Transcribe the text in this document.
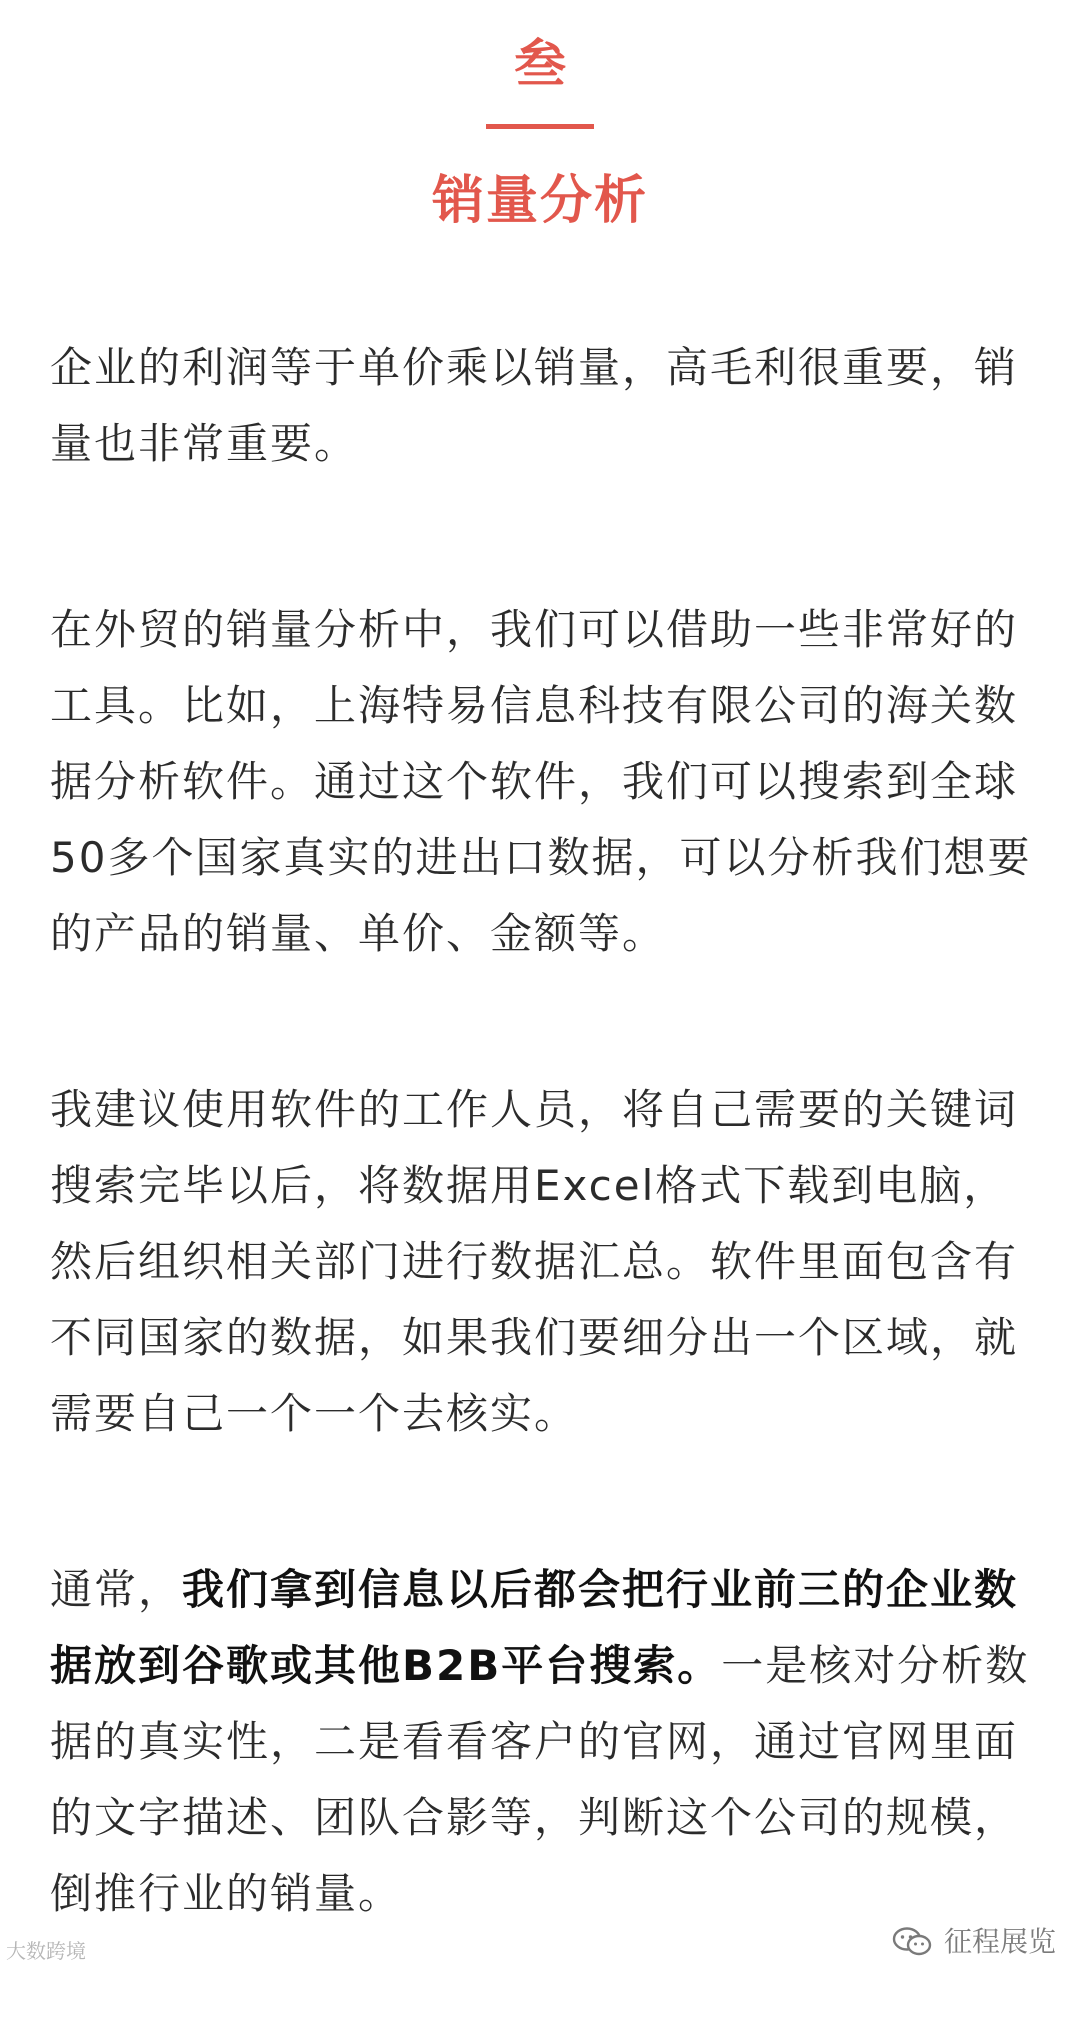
叁
销量分析

企业的利润等于单价乘以销量，高毛利很重要，销量也非常重要。

在外贸的销量分析中，我们可以借助一些非常好的工具。比如，上海特易信息科技有限公司的海关数据分析软件。通过这个软件，我们可以搜索到全球50多个国家真实的进出口数据，可以分析我们想要的产品的销量、单价、金额等。

我建议使用软件的工作人员，将自己需要的关键词搜索完毕以后，将数据用Excel格式下载到电脑，然后组织相关部门进行数据汇总。软件里面包含有不同国家的数据，如果我们要细分出一个区域，就需要自己一个一个去核实。

通常，我们拿到信息以后都会把行业前三的企业数据放到谷歌或其他B2B平台搜索。一是核对分析数据的真实性，二是看看客户的官网，通过官网里面的文字描述、团队合影等，判断这个公司的规模，倒推行业的销量。

大数跨境	征程展览
